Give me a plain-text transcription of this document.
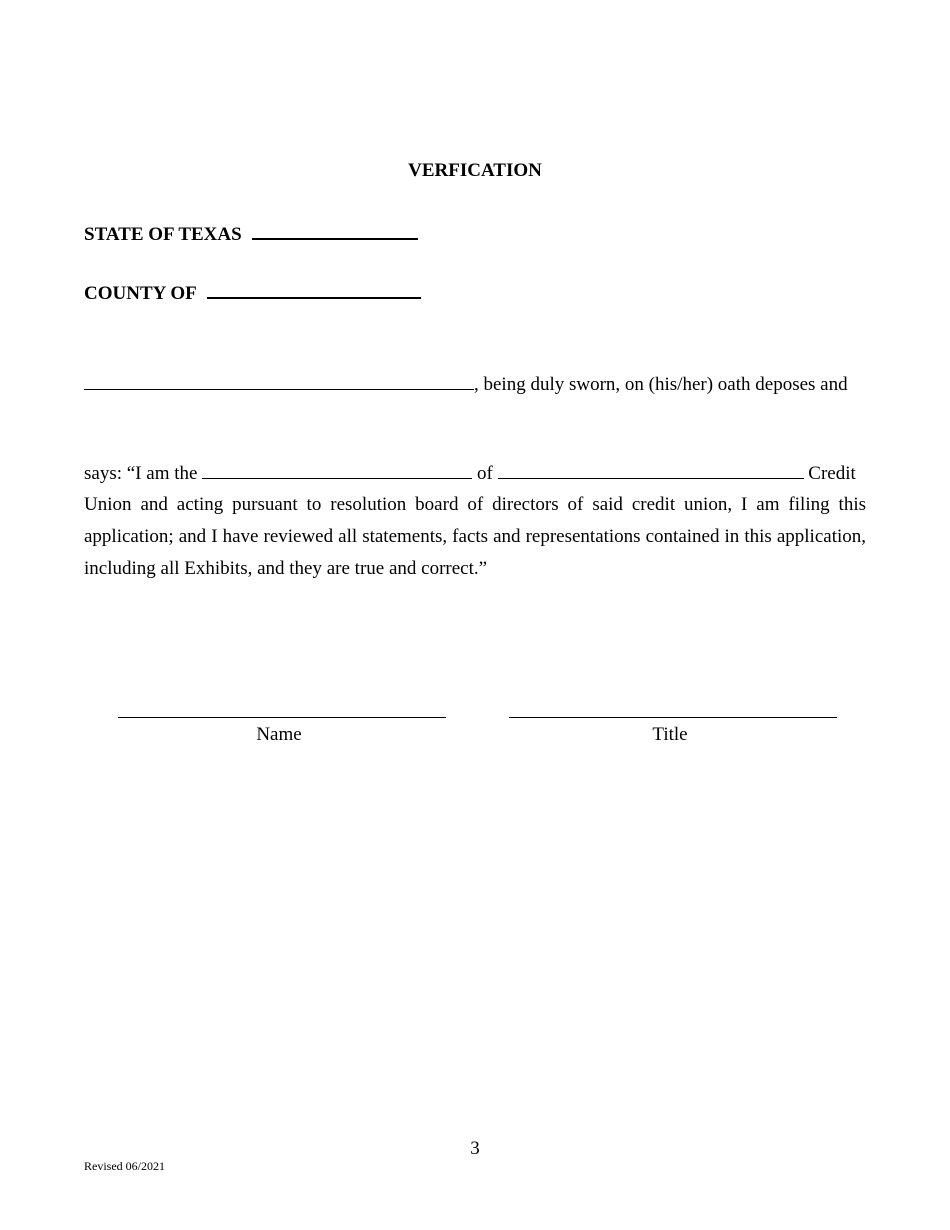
VERFICATION
STATE OF TEXAS
COUNTY OF
, being duly sworn, on (his/her) oath deposes and
says: “I am the	of	Credit
Union and acting pursuant to resolution board of directors of said credit union, I am filing this application; and I have reviewed all statements, facts and representations contained in this application, including all Exhibits, and they are true and correct.”
Name	Title
3
Revised 06/2021
